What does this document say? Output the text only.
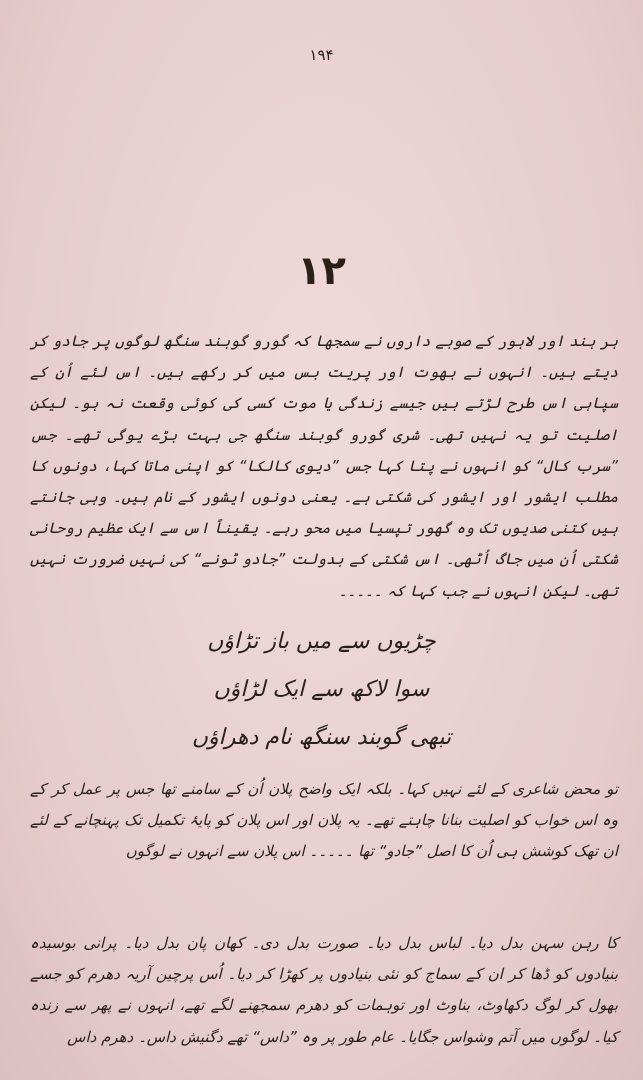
۱۹۴
۱۲
ہر ہند اور لاہور کے صوبے داروں نے سمجھا کہ گورو گوبند سنگھ لوگوں پر جادو کر دیتے ہیں۔ انہوں نے بھوت اور پریت بس میں کر رکھے ہیں۔ اس لئے اُن کے سپاہی اس طرح لڑتے ہیں جیسے زندگی یا موت کسی کی کوئی وقعت نہ ہو۔ لیکن اصلیت تو یہ نہیں تھی۔ شری گورو گوبند سنگھ جی بہت بڑے یوگی تھے۔ جس ”سرب کال“ کو انہوں نے پتا کہا جس ”دیوی کالکا“ کو اپنی ماتا کہا، دونوں کا مطلب ایشور اور ایشور کی شکتی ہے۔ یعنی دونوں ایشور کے نام ہیں۔ وہی جانتے ہیں کتنی صدیوں تک وہ گھور تپسیا میں محو رہے۔ یقیناً اس سے ایک عظیم روحانی شکتی اُن میں جاگ اُٹھی۔ اس شکتی کے بدولت ”جادو ٹونے“ کی نہیں ضرورت نہیں تھی۔ لیکن انہوں نے جب کہا کہ ۔۔۔۔۔
چڑیوں سے میں باز تڑاؤں
سوا لاکھ سے ایک لڑاؤں
تبھی گوبند سنگھ نام دھراؤں
تو محض شاعری کے لئے نہیں کہا۔ بلکہ ایک واضح پلان اُن کے سامنے تھا جس پر عمل کر کے وہ اس خواب کو اصلیت بنانا چاہتے تھے۔ یہ پلان اور اس پلان کو پایۂ تکمیل تک پہنچانے کے لئے ان تھک کوشش ہی اُن کا اصل ”جادو“ تھا ۔۔۔۔۔ اس پلان سے انہوں نے لوگوں
کا رہن سہن بدل دیا۔ لباس بدل دیا۔ صورت بدل دی۔ کھان پان بدل دیا۔ پرانی بوسیدہ بنیادوں کو ڈھا کر ان کے سماج کو نئی بنیادوں پر کھڑا کر دیا۔ اُس پرچین آریہ دھرم کو جسے بھول کر لوگ دکھاوٹ، بناوٹ اور توہمات کو دھرم سمجھنے لگے تھے، انہوں نے پھر سے زندہ کیا۔ لوگوں میں آتم وشواس جگایا۔ عام طور پر وہ ”داس“ تھے دگنیش داس۔ دھرم داس
